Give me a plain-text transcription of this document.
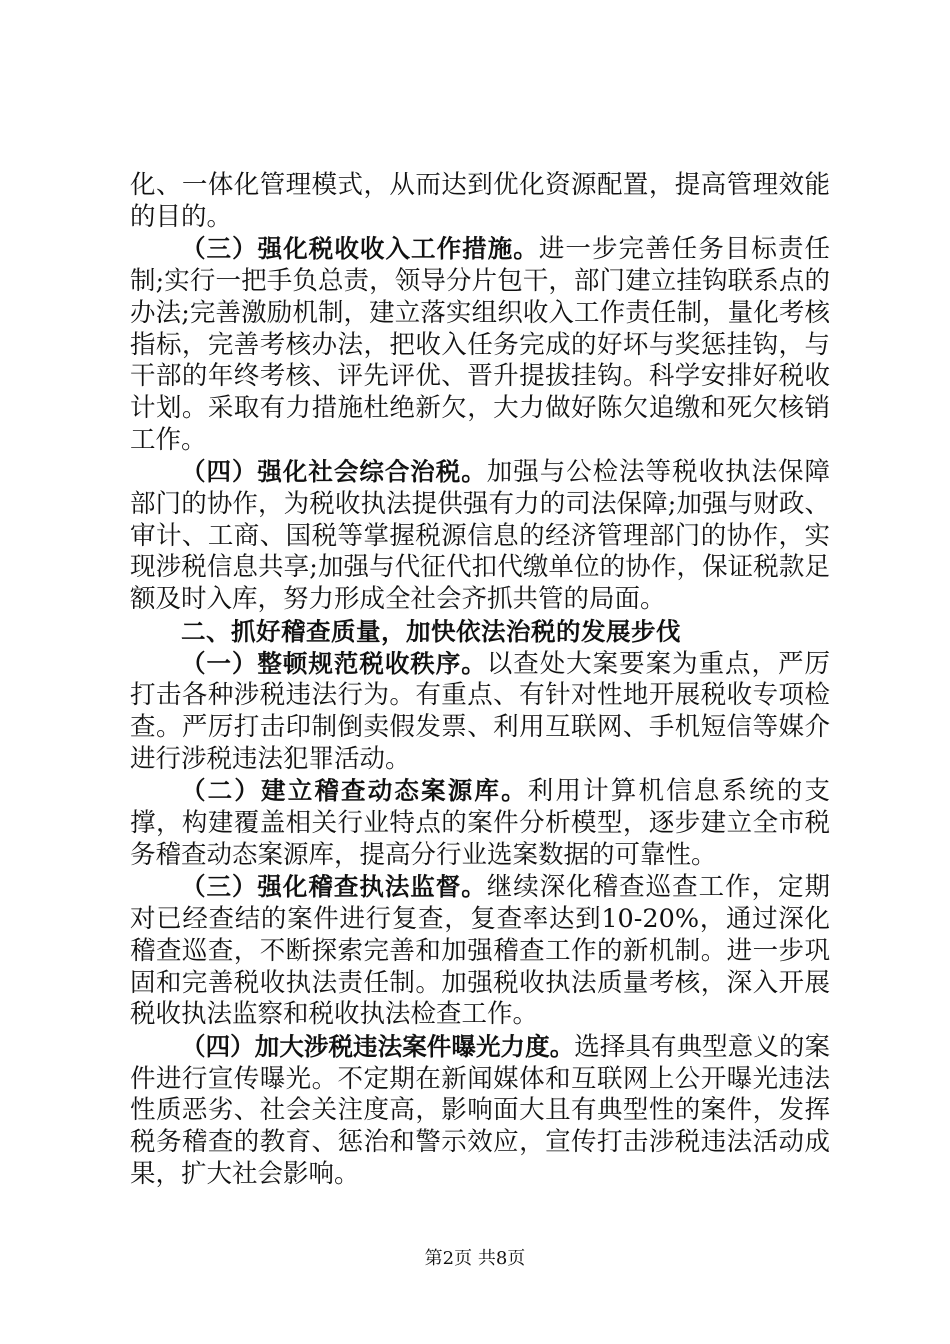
化、一体化管理模式，从而达到优化资源配置，提高管理效能的目的。

（三）强化税收收入工作措施。进一步完善任务目标责任制;实行一把手负总责，领导分片包干，部门建立挂钩联系点的办法;完善激励机制，建立落实组织收入工作责任制，量化考核指标，完善考核办法，把收入任务完成的好坏与奖惩挂钩，与干部的年终考核、评先评优、晋升提拔挂钩。科学安排好税收计划。采取有力措施杜绝新欠，大力做好陈欠追缴和死欠核销工作。

（四）强化社会综合治税。加强与公检法等税收执法保障部门的协作，为税收执法提供强有力的司法保障;加强与财政、审计、工商、国税等掌握税源信息的经济管理部门的协作，实现涉税信息共享;加强与代征代扣代缴单位的协作，保证税款足额及时入库，努力形成全社会齐抓共管的局面。

二、抓好稽查质量，加快依法治税的发展步伐

（一）整顿规范税收秩序。以查处大案要案为重点，严厉打击各种涉税违法行为。有重点、有针对性地开展税收专项检查。严厉打击印制倒卖假发票、利用互联网、手机短信等媒介进行涉税违法犯罪活动。

（二）建立稽查动态案源库。利用计算机信息系统的支撑，构建覆盖相关行业特点的案件分析模型，逐步建立全市税务稽查动态案源库，提高分行业选案数据的可靠性。

（三）强化稽查执法监督。继续深化稽查巡查工作，定期对已经查结的案件进行复查，复查率达到10-20%，通过深化稽查巡查，不断探索完善和加强稽查工作的新机制。进一步巩固和完善税收执法责任制。加强税收执法质量考核，深入开展税收执法监察和税收执法检查工作。

（四）加大涉税违法案件曝光力度。选择具有典型意义的案件进行宣传曝光。不定期在新闻媒体和互联网上公开曝光违法性质恶劣、社会关注度高，影响面大且有典型性的案件，发挥税务稽查的教育、惩治和警示效应，宣传打击涉税违法活动成果，扩大社会影响。

第2页 共8页
